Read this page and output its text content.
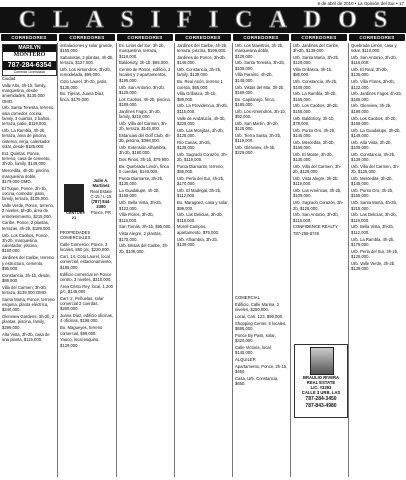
9 de abril de 2010 • La Opinión del Sur • 17
C L A S I F I C A D O S
CORREDORES	CORREDORES	CORREDORES	CORREDORES	CORREDORES	CORREDORES	CORREDORES
MARILYN
MONTERO
787-284-6354
Corredor Licenciado

Ciudad

Valle Alto, 3h-1b, family, marquesina, desde amenidades, $135,000 OMO.

Urb. Santa Teresita, terreno, sala comedor, cocina, family, 3 cuartos, 2 baños, terraza, patio, $119,000.

Urb. La Rambla, 4h-2b, terraza, área de piscina, cisterna, verja, calentador solar, desde $185,000.

Ext. Quintas, Ponce, terreno, casa de cemento, 3h-2b, family, $149,000.

Mercedita, 4h-2b, piscina, marquesina doble, $179,000 OMO.

El Tuque, Ponce, 3h-1b, cocina, comedor, patio, family, terraza, $105,000.

Valle Verde, Ponce, terreno, 2 niveles, 5h-3b, área de entretenimiento, $215,000.

Caribe, Ponce, 2 plantas, terrazas, 4h-2b, $189,000.

Urb. Los Caobos, Ponce, 3h-2b, marquesina, calentador, piscina, $160,000.

Jardines del Caribe, terreno y estructura, cemento, $95,000.

Constancia, 3h-1b, desde, $89,900.

Villa del Carmen, 3h-2b, terraza, $139,000 OMO.

Santa María, Ponce, terreno esquina, planta eléctrica, $240,000.

Glenview Gardens, 3h-2b, 2 plantas, piscina, family, $299,000.

Alta Vista, 3h-2b, casa de una planta, $115,000.

instalaciones y solar grande, $155,000.

Sabanetas, 2 plantas, 4h-3b, terraza, $127,000.

Urb. Los Almendros, 3h-2b, remodelada, $99,000.

Coto Laurel, 3h-2b, patio, $135,000.

Bo. Tijeras, Juana Díaz, finca, $175,000.

CENTURY 21
Julio A. Martínez
Real Estate
C-15 / L-15
(787) 844-2390
Ponce, PR

PROPIEDADES COMERCIALES

Calle Comercio, Ponce, 2 locales, 850 p/c, $220,000.

Carr. 14, Coto Laurel, local comercial, estacionamiento, $185,000.

Edificio comercial en Ponce centro, 3 niveles, $310,000.

Área Cristo Rey, local, 1,200 p/c, $145,000.

Carr. 2, Peñuelas, solar comercial 2 cuerdas, $260,000.

Juana Díaz, edificio oficinas, 4 oficinas, $198,000.

Bo. Magueyes, terreno comercial, $99,000.

Yauco, local esquina, $129,000.

Ex. Lirios del Sur, 3h-2b, marquesina, terraza, $118,000.

Baldorioty, 3h-1b, $85,000.

Centro de Ponce, edificio, 2 locales y 2 apartamentos, $195,000.

Urb. San Antonio, 3h-2b, $125,000.

Los Caobos, 4h-2b, piscina, $189,000.

Jardines Fagot, 3h-2b, family, $210,000.

Urb. Villa del Carmen, 3h-2b, terraza, $145,000.

Estancias del Golf Club, 4h-3b, piscina, $398,000.

Urb. Extensión Alhambra, 3h-2b, $160,000.

Dos Pinos, 3h-1b, $79,900.

Bo. Quebrada Limón, finca 5 cuerdas, $140,000.

Punta Diamante, 3h-2b, $135,000.

La Guadalupe, 4h-2b, $159,000.

Urb. Bella Vista, 3h-2b, $122,000.

Villa Flores, 3h-2b, $115,000.

San Tomás, 3h-1b, $95,000.

Vista Alegre, 2 plantas, $175,000.

Urb. Brisas del Caribe, 3h-2b, $108,000.

Jardines del Caribe, 4h-2b, terraza, piscina, $199,000.

Jardines de Ponce, 3h-2b, $149,000.

Urb. Constancia, 3h-2b, family, $139,000.

Bo. Real Anón, terreno 1 cuerda, $65,000.

Villa Grillasca, 3h-1b, $89,000.

Urb. La Providencia, 3h-2b, $115,000.

Valle de Andalucía, 4h-3b, $225,000.

Urb. Las Monjitas, 3h-2b, $128,000.

Río Canas, 3h-2b, $135,000.

Urb. Sagrado Corazón, 3h-2b, $119,000.

Punta Diamante, terreno, $55,000.

Urb. Perla del Sur, 4h-2b, $170,000.

Urb. El Madrigal, 3h-2b, $112,000.

Bo. Maragüez, casa y solar, $99,000.

Urb. Las Delicias, 3h-2b, $118,000.

Morell Campos, apartamento, $75,000.

Urb. Alhambra, 3h-2b, $139,000.

Urb. Los Maestros, 3h-2b, marquesina doble, $129,000.

Urb. Santa Teresita, 3h-2b, $109,000.

Villa Paraíso, 4h-2b, $149,000.

Urb. Vistas del Mar, 3h-2b, $169,000.

Bo. Capitanejo, finca, $185,000.

Urb. Los Almendros, 3h-1b, $92,000.

Urb. San Martín, 3h-2b, $125,000.

Urb. Tierra Santa, 3h-2b, $119,000.

Urb. Glenview, 4h-3b, $229,000.

COMERCIAL

Edificio, Calle Marina, 2 niveles, $250,000.

Local, Carr. 123, $99,000.

Shopping Center, 5 locales, $695,000.

Ponce By Pass, solar, $320,000.

Calle Victoria, local, $145,000.

ALQUILER

Apartamento, Ponce, 2h-1b, $450.

Casa, Urb. Constancia, $650.

Urb. Jardines del Caribe, 3h-2b, $139,000.

Urb. Santa María, 3h-2b, $129,000.

Villa Grillasca, 3h-1b, $85,000.

Urb. Constancia, 3h-2b, $149,000.

Urb. La Rambla, 3h-2b, $165,000.

Urb. Los Caobos, 3h-2b, $155,000.

Urb. Baldorioty, 3h-1b, $79,000.

Urb. Punto Oro, 3h-2b, $145,000.

Urb. Mercedita, 3h-2b, $159,000.

Urb. El Monte, 3h-2b, $135,000.

Urb. Villa del Carmen, 3h-2b, $129,000.

Urb. Vista Alegre, 3h-2b, $119,000.

Urb. Las Américas, 3h-2b, $109,000.

Urb. Sagrado Corazón, 3h-2b, $125,000.

Urb. San Antonio, 3h-2b, $115,000.

CONFIDENCE REALTY

787-259-8745

BRAULIO RIVERA
REAL ESTATE
LIC. #3393
CALLE 3 URB. LAS
787-284-3450
787-843-4980

Quebrada Limón, casa y solar, $110,000.

Urb. San Antonio, 3h-2b, $118,000.

Urb. El Real, 3h-2b, $135,000.

Urb. Villa Flores, 3h-2b, $122,000.

Urb. Jardines Fagot, 4h-2b, $185,000.

Urb. Glenview, 3h-2b, $199,000.

Urb. Los Caobos, 4h-2b, $169,000.

Urb. La Guadalupe, 3h-2b, $149,000.

Urb. Alta Vista, 3h-2b, $109,000.

Urb. Constancia, 3h-2b, $139,000.

Urb. Villa del Carmen, 3h-2b, $125,000.

Urb. Mercedita, 3h-2b, $145,000.

Urb. Punto Oro, 3h-2b, $155,000.

Urb. Santa María, 4h-3b, $215,000.

Urb. Las Delicias, 3h-2b, $119,000.

Urb. Bella Vista, 3h-2b, $112,000.

Urb. La Rambla, 4h-2b, $179,000.

Urb. Perla del Sur, 3h-2b, $129,000.

Urb. Valle Verde, 3h-2b, $139,000.
